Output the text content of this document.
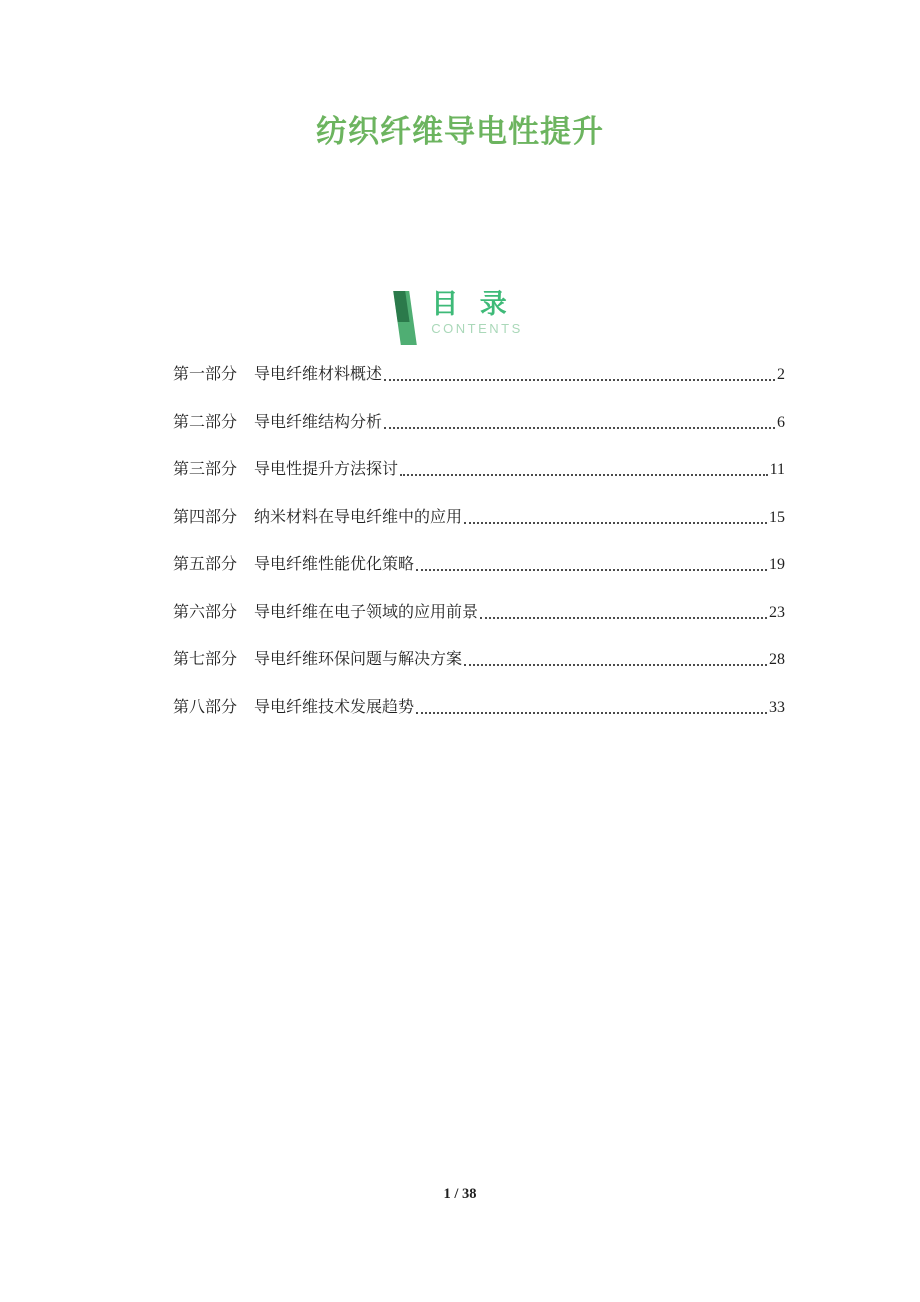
纺织纤维导电性提升
目 录
CONTENTS
第一部分 导电纤维材料概述	2
第二部分 导电纤维结构分析	6
第三部分 导电性提升方法探讨	11
第四部分 纳米材料在导电纤维中的应用	15
第五部分 导电纤维性能优化策略	19
第六部分 导电纤维在电子领域的应用前景	23
第七部分 导电纤维环保问题与解决方案	28
第八部分 导电纤维技术发展趋势	33
1 / 38
